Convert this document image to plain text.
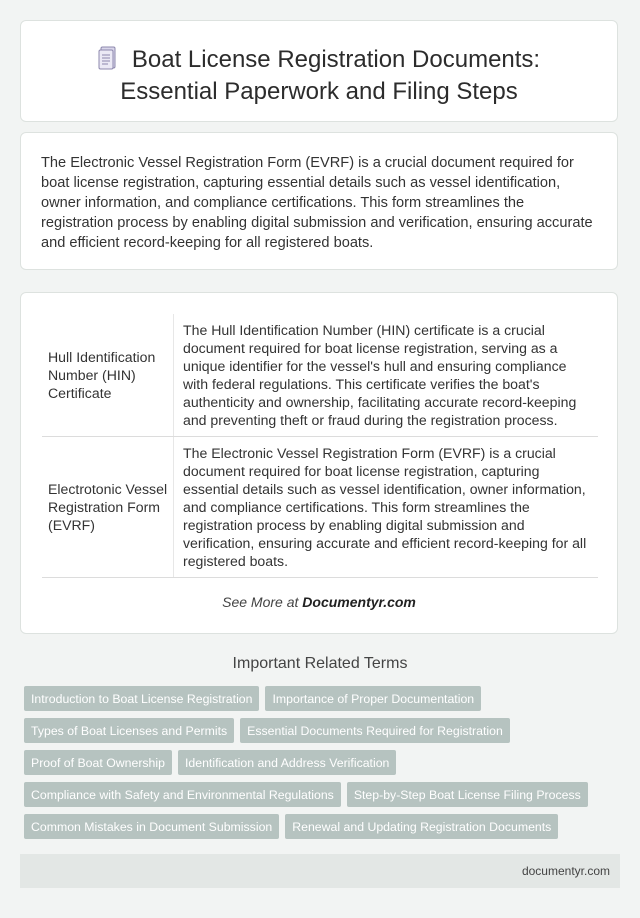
Boat License Registration Documents:
Essential Paperwork and Filing Steps

The Electronic Vessel Registration Form (EVRF) is a crucial document required for boat license registration, capturing essential details such as vessel identification, owner information, and compliance certifications. This form streamlines the registration process by enabling digital submission and verification, ensuring accurate and efficient record-keeping for all registered boats.

Hull Identification Number (HIN) Certificate	The Hull Identification Number (HIN) certificate is a crucial document required for boat license registration, serving as a unique identifier for the vessel's hull and ensuring compliance with federal regulations. This certificate verifies the boat's authenticity and ownership, facilitating accurate record-keeping and preventing theft or fraud during the registration process.
Electrotonic Vessel Registration Form (EVRF)	The Electronic Vessel Registration Form (EVRF) is a crucial document required for boat license registration, capturing essential details such as vessel identification, owner information, and compliance certifications. This form streamlines the registration process by enabling digital submission and verification, ensuring accurate and efficient record-keeping for all registered boats.
See More at Documentyr.com
Important Related Terms
Introduction to Boat License Registration Importance of Proper Documentation
Types of Boat Licenses and Permits Essential Documents Required for Registration
Proof of Boat Ownership Identification and Address Verification
Compliance with Safety and Environmental Regulations Step-by-Step Boat License Filing Process
Common Mistakes in Document Submission Renewal and Updating Registration Documents
documentyr.com
